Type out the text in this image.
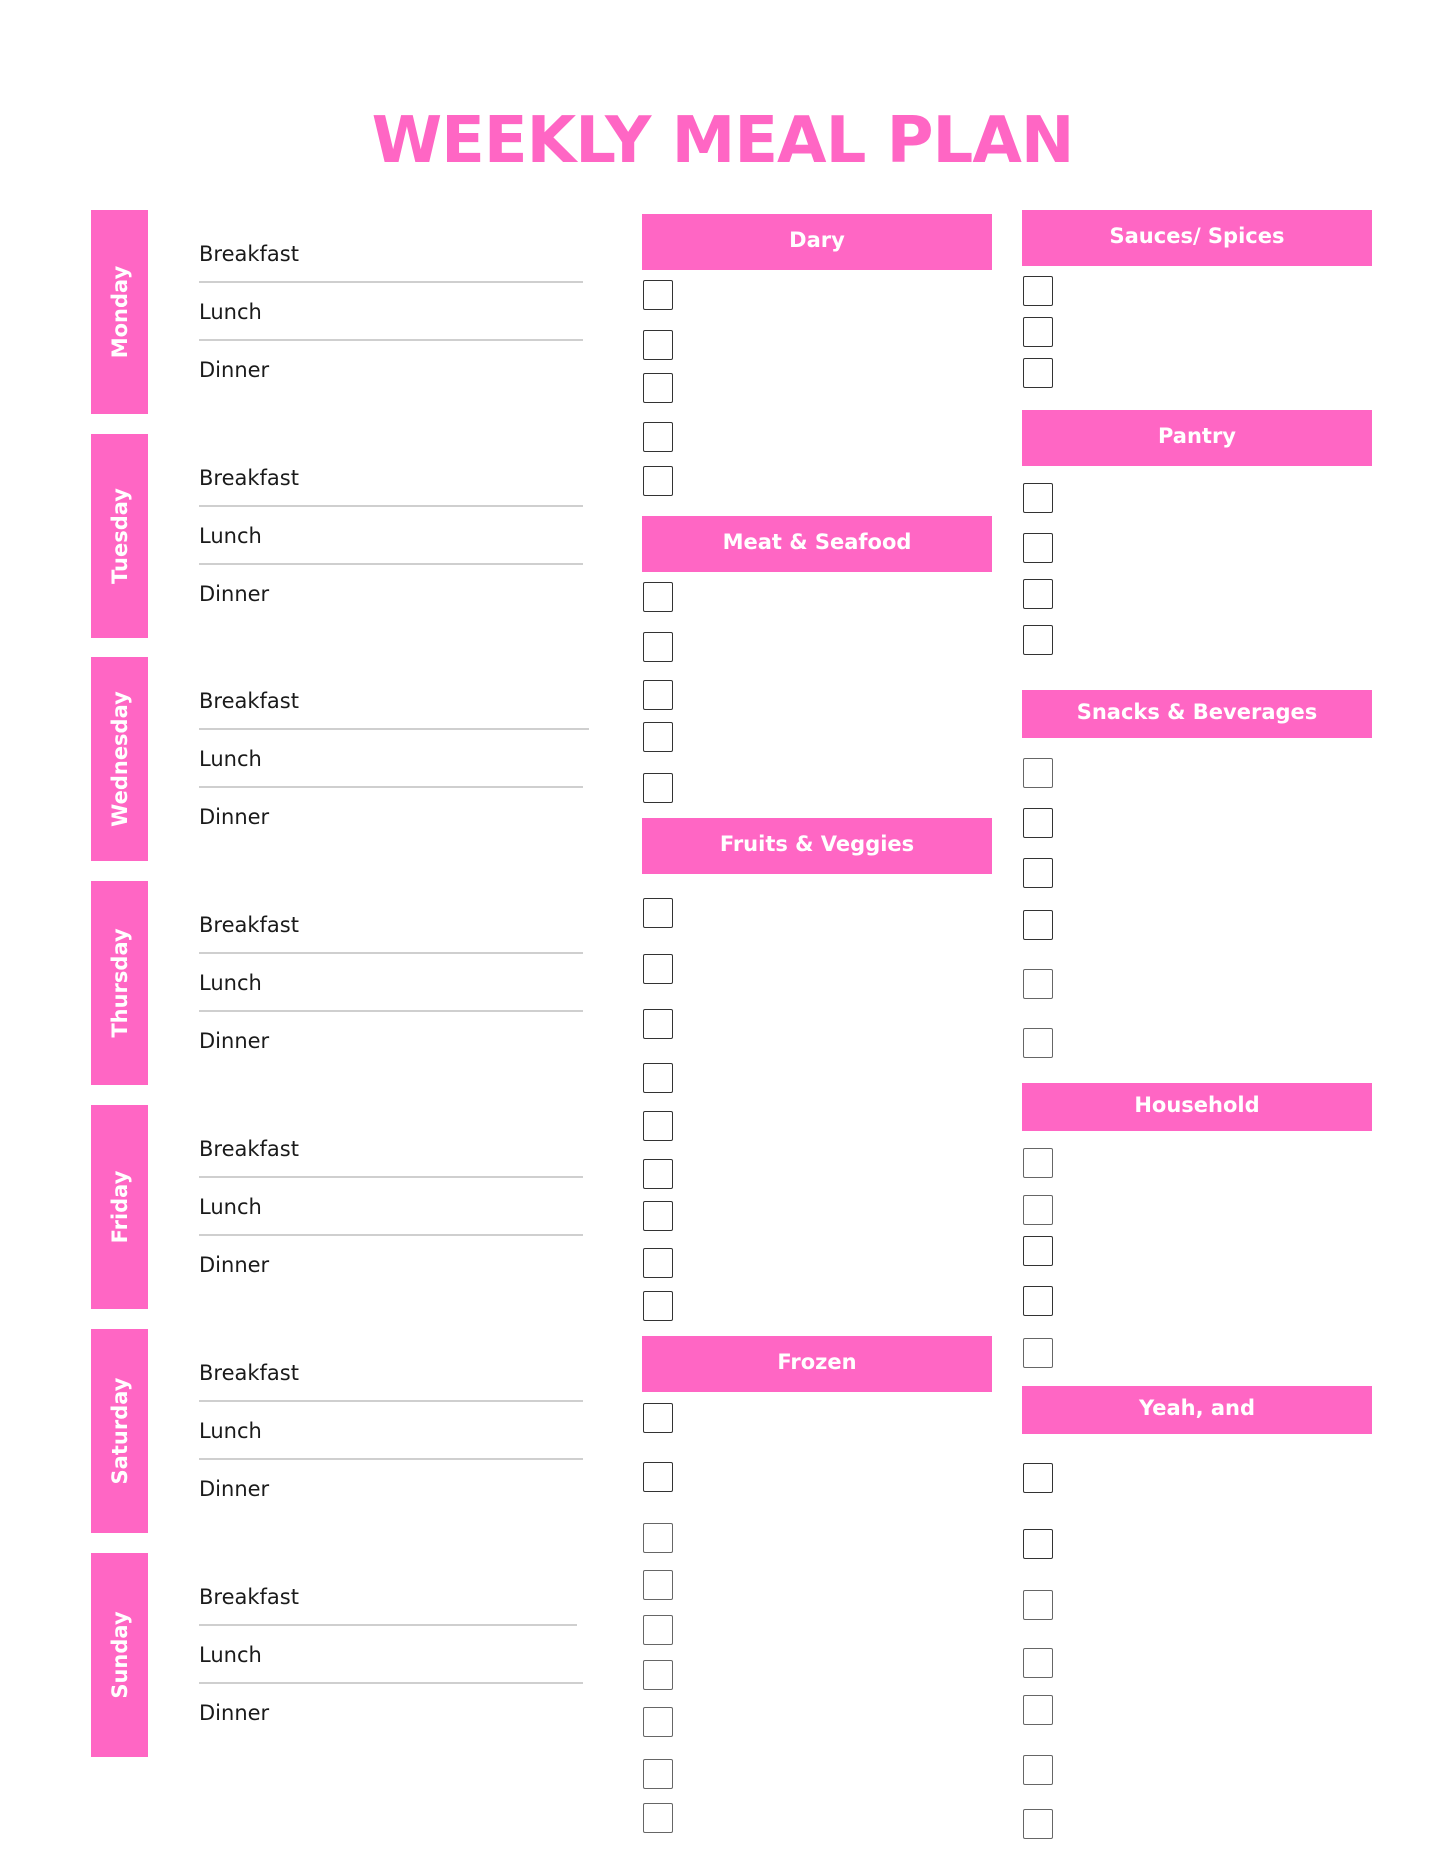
WEEKLY MEAL PLAN
Monday
Breakfast
Lunch
Dinner
Tuesday
Breakfast
Lunch
Dinner
Wednesday	Breakfast
Lunch
Dinner
Thursday
Breakfast
Lunch
Dinner
Friday
Breakfast
Lunch
Dinner
Saturday
Breakfast
Lunch
Dinner
Sunday
Breakfast
Lunch
Dinner
Dary
Meat & Seafood
Fruits & Veggies
Frozen
Sauces/ Spices
Pantry
Snacks & Beverages
Household
Yeah, and
